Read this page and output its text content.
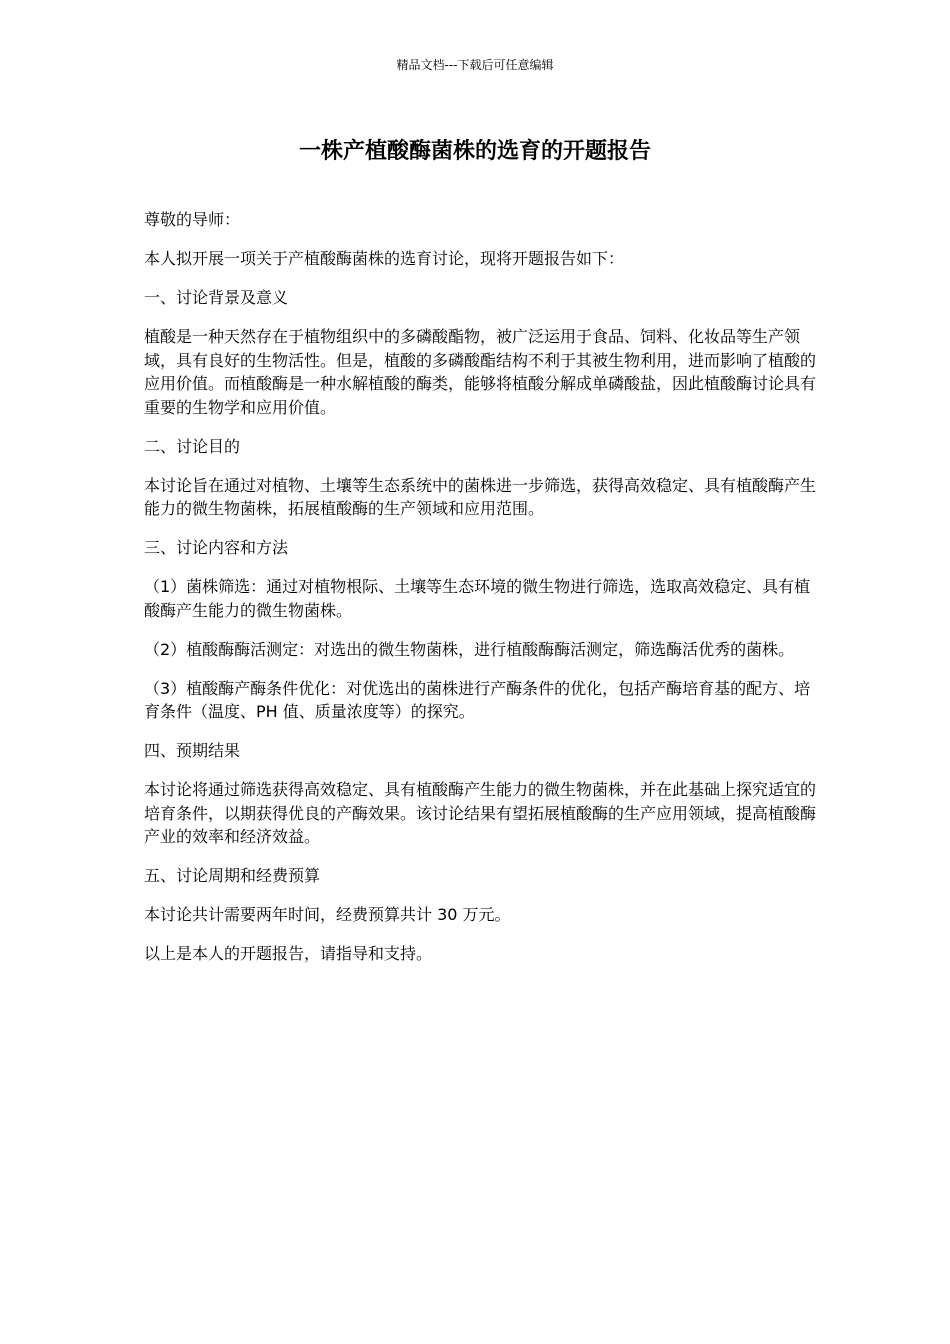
精品文档---下载后可任意编辑
一株产植酸酶菌株的选育的开题报告

尊敬的导师：

本人拟开展一项关于产植酸酶菌株的选育讨论，现将开题报告如下：

一、讨论背景及意义

植酸是一种天然存在于植物组织中的多磷酸酯物，被广泛运用于食品、饲料、化妆品等生产领域，具有良好的生物活性。但是，植酸的多磷酸酯结构不利于其被生物利用，进而影响了植酸的应用价值。而植酸酶是一种水解植酸的酶类，能够将植酸分解成单磷酸盐，因此植酸酶讨论具有重要的生物学和应用价值。

二、讨论目的

本讨论旨在通过对植物、土壤等生态系统中的菌株进一步筛选，获得高效稳定、具有植酸酶产生能力的微生物菌株，拓展植酸酶的生产领域和应用范围。

三、讨论内容和方法

（1）菌株筛选：通过对植物根际、土壤等生态环境的微生物进行筛选，选取高效稳定、具有植酸酶产生能力的微生物菌株。

（2）植酸酶酶活测定：对选出的微生物菌株，进行植酸酶酶活测定，筛选酶活优秀的菌株。

（3）植酸酶产酶条件优化：对优选出的菌株进行产酶条件的优化，包括产酶培育基的配方、培育条件（温度、PH 值、质量浓度等）的探究。

四、预期结果

本讨论将通过筛选获得高效稳定、具有植酸酶产生能力的微生物菌株，并在此基础上探究适宜的培育条件，以期获得优良的产酶效果。该讨论结果有望拓展植酸酶的生产应用领域，提高植酸酶产业的效率和经济效益。

五、讨论周期和经费预算

本讨论共计需要两年时间，经费预算共计 30 万元。

以上是本人的开题报告，请指导和支持。
